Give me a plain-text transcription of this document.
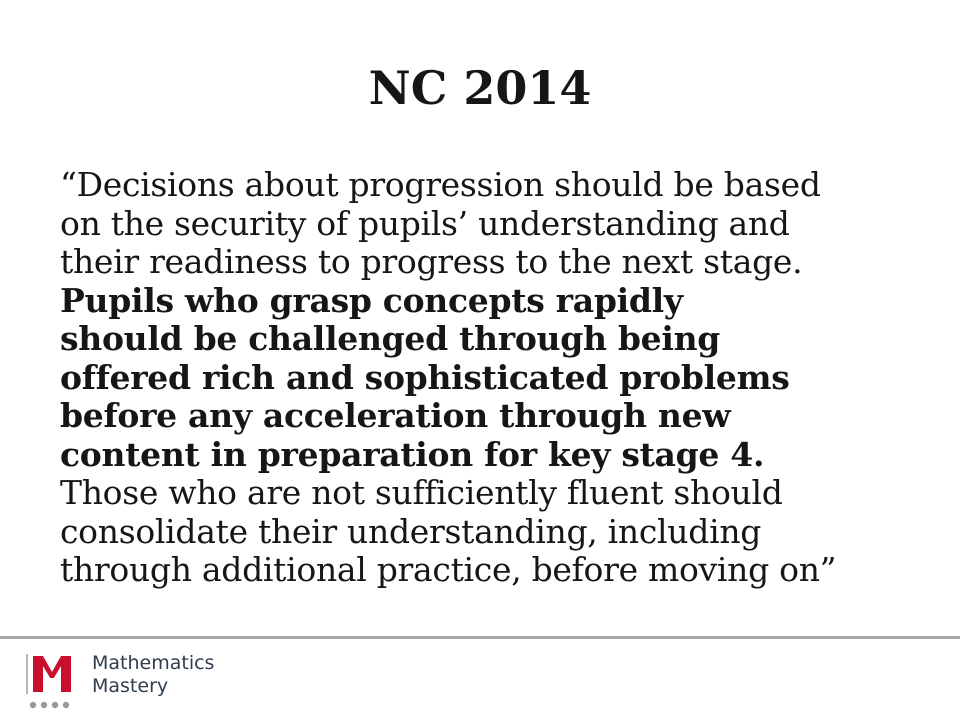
NC 2014
“Decisions about progression should be based
on the security of pupils’ understanding and
their readiness to progress to the next stage.
Pupils who grasp concepts rapidly
should be challenged through being
offered rich and sophisticated problems
before any acceleration through new
content in preparation for key stage 4.
Those who are not sufficiently fluent should
consolidate their understanding, including
through additional practice, before moving on”
Mathematics
Mastery
